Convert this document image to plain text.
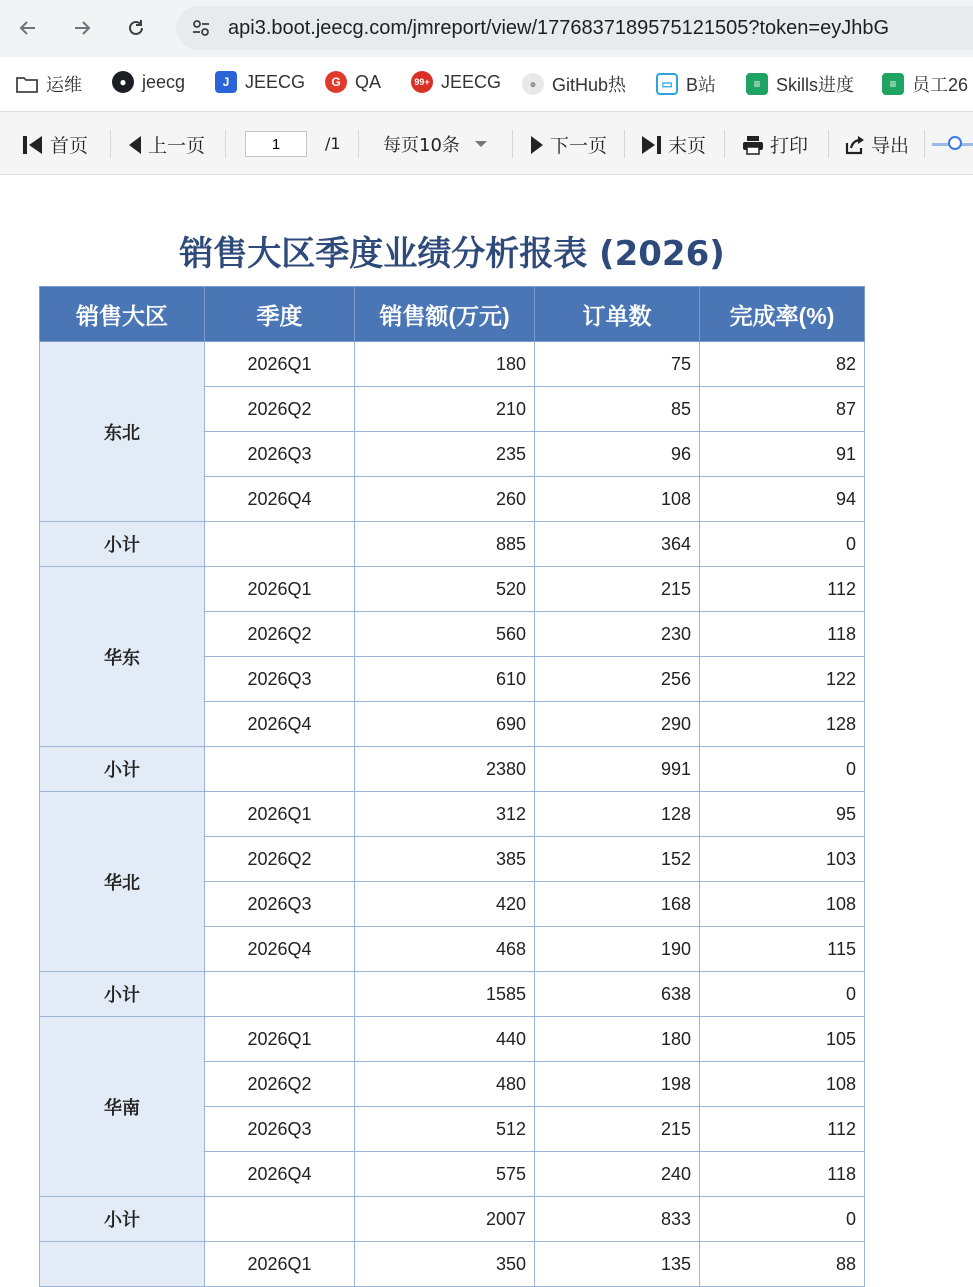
api3.boot.jeecg.com/jmreport/view/1776837189575121505?token=eyJhbG
运维	● jeecg	J JEECG	G QA	99+ JEECG	● GitHub热	▭ B站	≡ Skills进度	≡ 员工26
首页	上一页	/1 每页10条	下一页	末页	打印	导出
1
销售大区季度业绩分析报表 (2026)
销售大区	季度	销售额(万元)	订单数	完成率(%)
东北	2026Q1	180	75	82
	2026Q2	210	85	87
	2026Q3	235	96	91
	2026Q4	260	108	94
小计		885	364	0
华东	2026Q1	520	215	112
	2026Q2	560	230	118
	2026Q3	610	256	122
	2026Q4	690	290	128
小计		2380	991	0
华北	2026Q1	312	128	95
	2026Q2	385	152	103
	2026Q3	420	168	108
	2026Q4	468	190	115
小计		1585	638	0
华南	2026Q1	440	180	105
	2026Q2	480	198	108
	2026Q3	512	215	112
	2026Q4	575	240	118
小计		2007	833	0
	2026Q1	350	135	88
